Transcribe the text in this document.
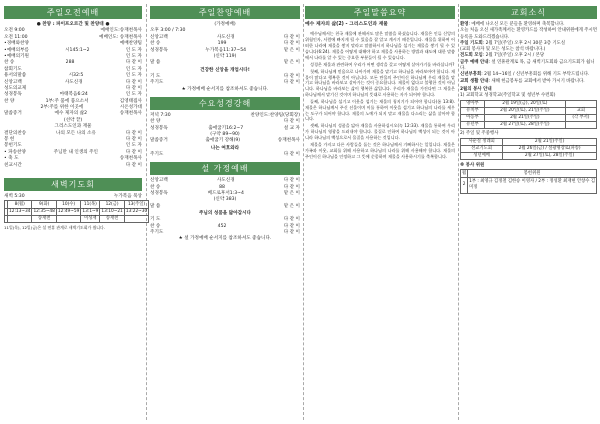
주일오전예배
● 찬양 : 파이프오르간 및 찬양대 ●
오전 9:00	예배인도:송재천목사
오전 11:00	예배인도: 송재천목사
•경배와찬양	예배찬양팀
•예배의부름	시145:1~2	인 도 자
•예배의기원	인 도 자
찬 송	288	다 같 이
참회기도	인 도 자
용서의말씀	시32:5	인 도 자
신앙고백	사도신경	다 같 이
성도의교제	다 같 이
성경봉독	마태복음6:24	인 도 자
찬 양	1부:주 품에 품으소서	김영태집사
2부:주를 위한 이곳에	시온성가대
말씀증거	예수 제자의 삶2	송재천목사
(선약 끝)
그리스도인과 재물
결단의찬송	나의 모든 나의 소유	다 같 이
봉 헌	다 같 이
봉헌기도	인 도 자
• 파송찬양	주님만 내 인생의 주인	다 같 이
• 축 도	송재천목사
친교시간	다 같 이
새벽기도회
새벽 5:30	누가복음 묵상
	8(월)	9(화)	10(수)	11(목)	12(금)	13(주일)
	12:13~34	12:35~48	12:49~59	13:1~9	13:10~21	13:22~30
		송재천		이성재	송재천	
11일(목), 12일(금)은 설 연휴 관계로 새벽기도회가 쉽니다.
주일찬양예배
(가정예배)
오후 3:00 / 7:30
신앙고백	사도신경	다 같 이
찬 송	199	다 같 이
성경봉독	누가복음11:37~54	맡 은 이
(신약 119)
말 씀	맡 은 이
건강한 신앙을 개업시다!
기 도	다 같 이
주기도	다 같 이
★ 가정예배 순서지를 참조하셔도 좋습니다.
수요성경강해
저녁 7:30	찬양인도:찬양팀(당회장)
찬 양	다 같 이
성경봉독	출애굽기16:2~7	설 교 자
(구약 89~90)
말씀증거	출애굽기 강해(9)	송재천목사
나는 여호와라
주기도	다 같 이
설 가정예배
신앙고백	사도신경	다 같 이
찬 송	88	다 같 이
성경봉독	베드로후서1:3~4	맡 은 이
(신약 383)
말 씀	맡 은 이
주님의 성품을 닮아갑시다
기 도	다 같 이
찬 송	452	다 같 이
주기도	다 같 이
★ 설 가정예배 순서지를 참조하셔도 좋습니다.
주일말씀요약
예수 제자의 삶(2) - 그리스도인과 재물
예수님께서는 천국 재물에 관해서도 많은 말씀을 하셨습니다. 재물은 인류 신앙의 위험인자, 사람에 빠지게 될 수 있음을 잘 알고 계시기 때문입니다. 재물을 위하여 어떠한 나라에 재물을 쌓지 말라고 말씀하시지 하나님을 섬기는 재물을 쌓기 될 수 있습니다(6:24). 재물을 어떻게 대해야 하고 재물을 사용하는 방법과 태도에 대한 말씀에서 나라를 알 수 있는 중요한 부분들이 될 수 있습니다.
성경은 재물과 관련하여 우리가 어떤 생각을 갖고 어떻게 살아가기를 바라십니까?
첫째, 하나님께 믿음으로 나아가며 재물을 맡기고 하나님을 바라보아야 합니다. 재물이 많다고 행복한 것이 아닙니다. 모든 만물의 주인이신 하나님께 우리 재물을 맡기고 하나님을 바라보고 살아가는 것이 중요합니다. 재물이 없다고 불행한 것이 아닙니다. 하나님을 바라보는 삶이 행복한 삶입니다. 우리가 재물을 가진다면 그 재물은 하나님께서 맡기신 것이며 하나님의 뜻대로 사용하는 자가 되어야 합니다.
둘째, 하나님을 섬기고 이웃을 섬기는 재물의 청지기가 되어야 합니다(롬 13:8). 재물은 하나님께서 주신 선물이며 이를 통하여 이웃을 섬기고 하나님의 나라를 세우는 도구가 되어야 합니다. 재물의 노예가 되지 말고 재물을 다스리는 삶을 살아야 합니다.
셋째, 하나님의 성품을 닮아 재물을 사용하십시오(눅 12:33). 재물을 통하여 우리가 하나님의 영광을 드러내야 합니다. 물질로 인하여 하나님의 백성이 되는 것이 아니라 하나님의 백성으로서 물질을 사용하는 것입니다.
재물을 가지고 다른 사람들을 돕는 것은 하나님께서 기뻐하시는 일입니다. 재물은 가족과 이웃, 교회를 위해 사용하고 하나님의 나라를 위해 사용해야 합니다. 재물의 주인이신 하나님을 인정하고 그 뜻에 순종하며 재물을 사용하시기를 축복합니다.
교회소식
환영: 예배에 나오신 모든 분들을 환영하며 축복합니다.
오늘 처음 오신 새가족께서는 환영카드를 작성하여 안내위원에게 주시면 등록을 도와드리겠습니다.
주일 기도회: 2월 7일(주일) 오후 2시 30분 3층 기도실
(교회 봉사자 및 모든 성도는 참석 바랍니다.)
전도회 모임: 2월 7일(주일) 오후 2시 / 본당
금주 예배 안내: 설 연휴관계로 목, 금 새벽기도회와 금요기도회가 쉽니다.
신년부흥회: 2월 14~16일 / 신년부흥회를 위해 기도 부탁드립니다.
교회 생활 안내: 새해 헌금봉투를 교회에서 받아 가시기 바랍니다.
2월의 봉사 안내
1) 교회학교 성경학교(주일학교 및 청년부 수련회)
영아부	2월 19일(금), 20일(토)	
유치부	2월 20일(토), 21일(주일)	교회
아동부	2월 21일(주일)	(각 부서)
유년부	2월 27일(토), 28일(주일)	
2) 주일 및 주중행사
사순절 정례회	2월 21일(주일)
선교기도회	2월 26일(금) / 설광명장로(파송)
성년예배	2월 27일(토), 28일(주일)
※ 봉사 위원
월	봉헌위원
2	1부 : 최영규 김정철 김한승 이영자 / 2부 : 정성환 최재현 안창수 김미정
